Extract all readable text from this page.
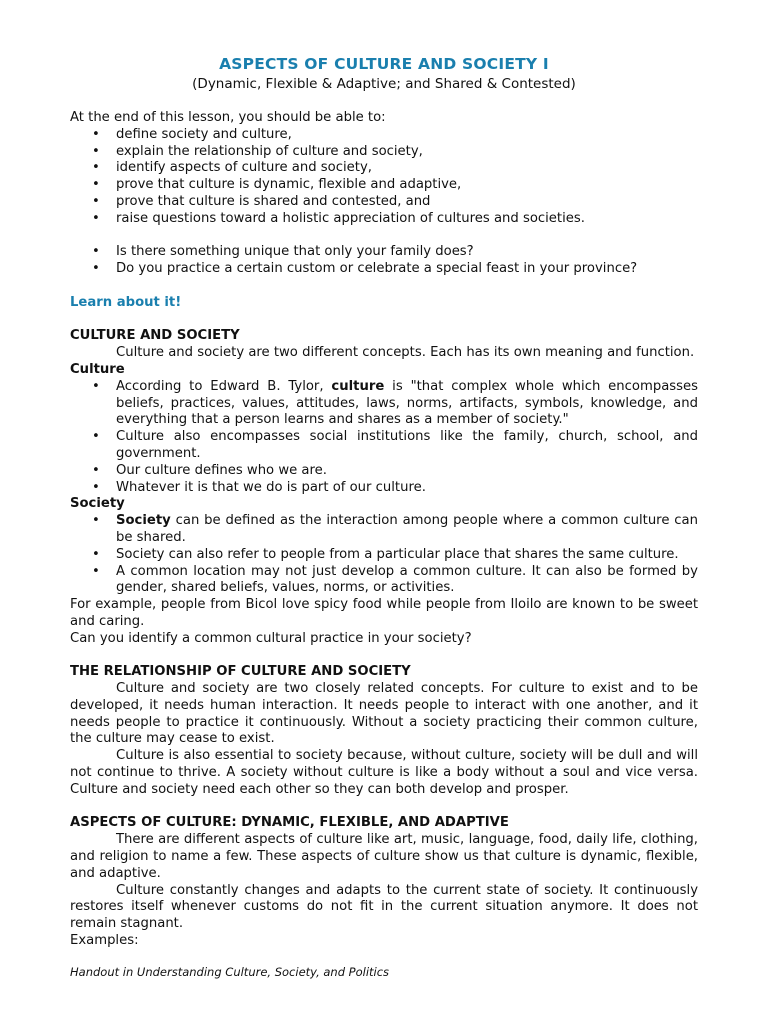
ASPECTS OF CULTURE AND SOCIETY I
(Dynamic, Flexible & Adaptive; and Shared & Contested)

At the end of this lesson, you should be able to:

• define society and culture,
• explain the relationship of culture and society,
• identify aspects of culture and society,
• prove that culture is dynamic, flexible and adaptive,
• prove that culture is shared and contested, and
• raise questions toward a holistic appreciation of cultures and societies.
• Is there something unique that only your family does?
• Do you practice a certain custom or celebrate a special feast in your province?

Learn about it!

CULTURE AND SOCIETY

Culture and society are two different concepts. Each has its own meaning and function.

Culture

• According to Edward B. Tylor, culture is "that complex whole which encompasses beliefs, practices, values, attitudes, laws, norms, artifacts, symbols, knowledge, and everything that a person learns and shares as a member of society."
• Culture also encompasses social institutions like the family, church, school, and government.
• Our culture defines who we are.
• Whatever it is that we do is part of our culture.

Society

• Society can be defined as the interaction among people where a common culture can be shared.
• Society can also refer to people from a particular place that shares the same culture.
• A common location may not just develop a common culture. It can also be formed by gender, shared beliefs, values, norms, or activities.

For example, people from Bicol love spicy food while people from Iloilo are known to be sweet and caring.

Can you identify a common cultural practice in your society?

THE RELATIONSHIP OF CULTURE AND SOCIETY

Culture and society are two closely related concepts. For culture to exist and to be developed, it needs human interaction. It needs people to interact with one another, and it needs people to practice it continuously. Without a society practicing their common culture, the culture may cease to exist.

Culture is also essential to society because, without culture, society will be dull and will not continue to thrive. A society without culture is like a body without a soul and vice versa. Culture and society need each other so they can both develop and prosper.

ASPECTS OF CULTURE: DYNAMIC, FLEXIBLE, AND ADAPTIVE

There are different aspects of culture like art, music, language, food, daily life, clothing, and religion to name a few. These aspects of culture show us that culture is dynamic, flexible, and adaptive.

Culture constantly changes and adapts to the current state of society. It continuously restores itself whenever customs do not fit in the current situation anymore. It does not remain stagnant.

Examples:

Handout in Understanding Culture, Society, and Politics
